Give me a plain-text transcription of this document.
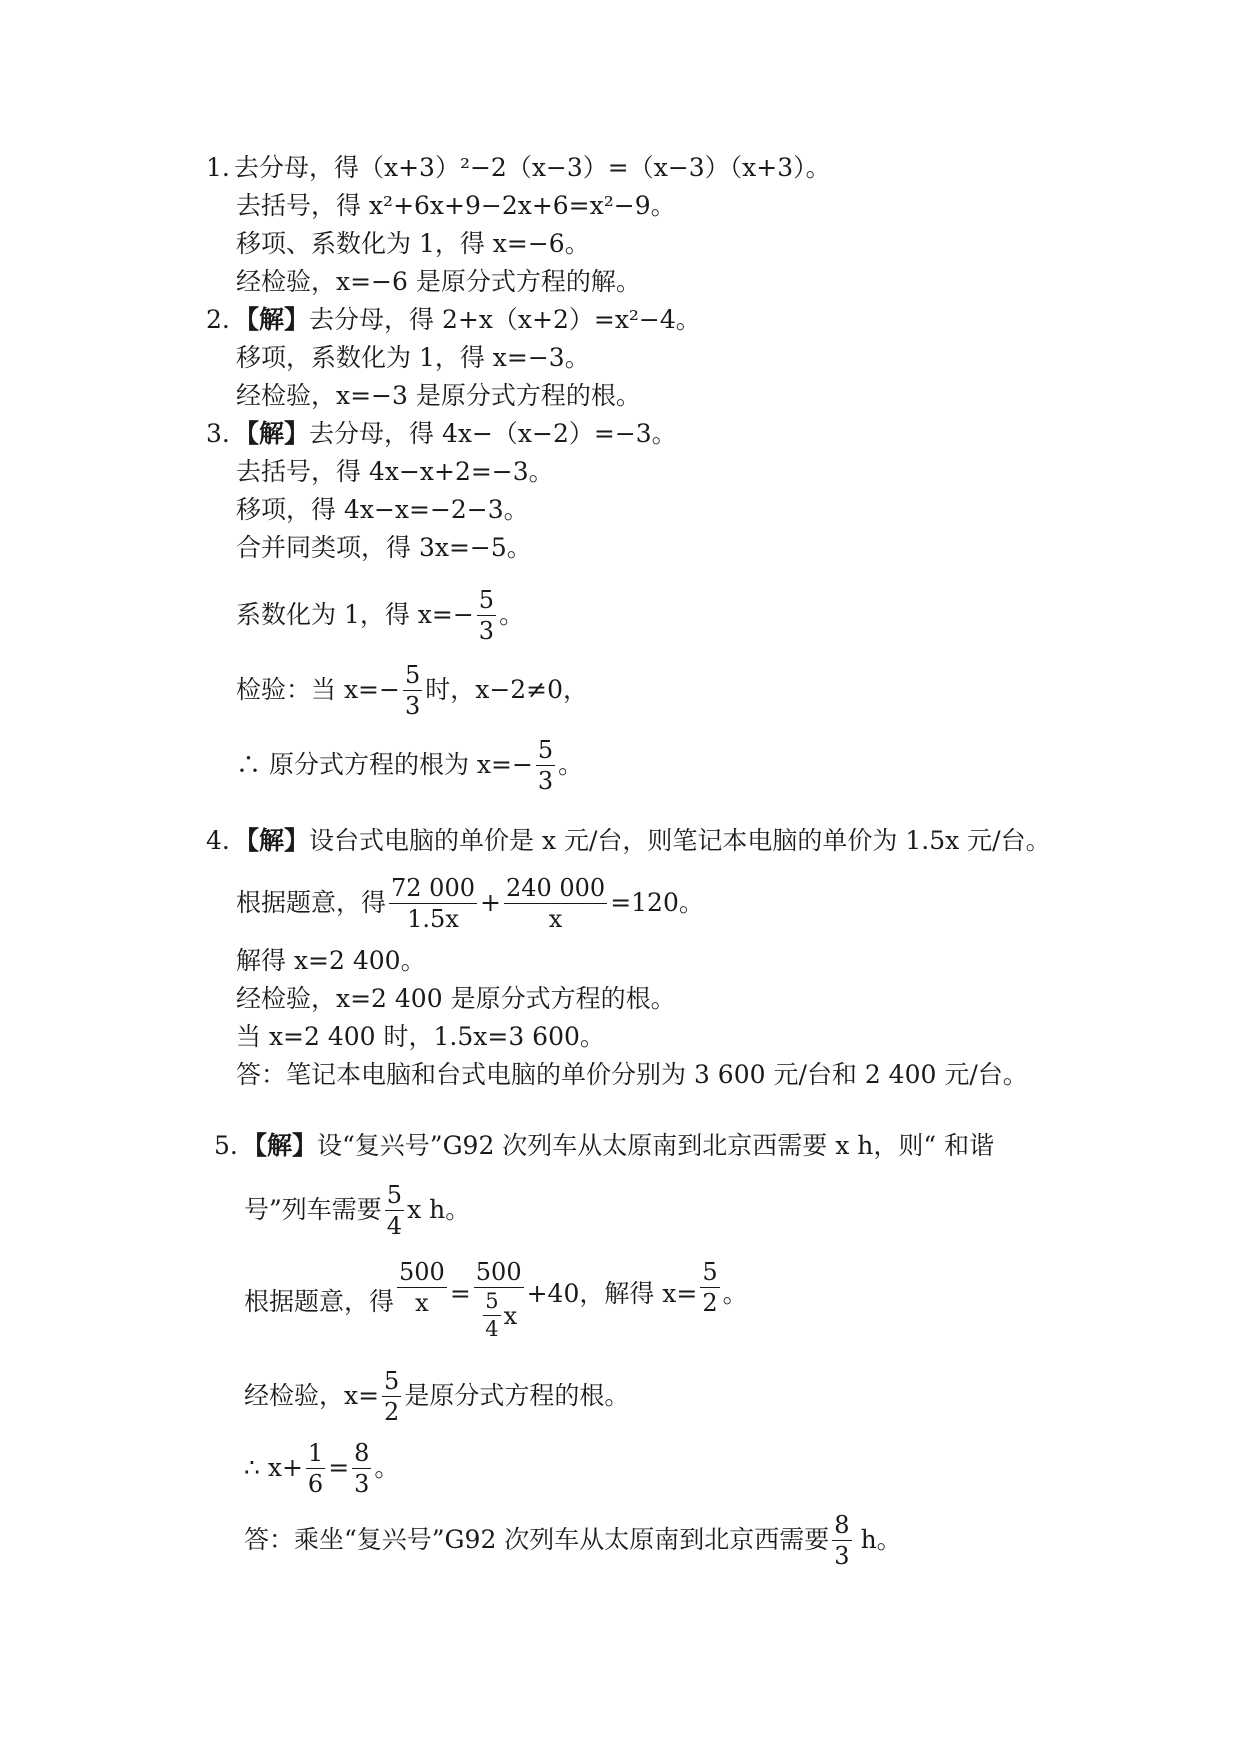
1. 去分母，得（x+3）²−2（x−3）=（x−3）（x+3）。
去括号，得 x²+6x+9−2x+6=x²−9。
移项、系数化为 1，得 x=−6。
经检验，x=−6 是原分式方程的解。
2. 【解】 去分母，得 2+x（x+2）=x²−4。
移项，系数化为 1，得 x=−3。
经检验，x=−3 是原分式方程的根。
3. 【解】 去分母，得 4x−（x−2）=−3。
去括号，得 4x−x+2=−3。
移项，得 4x−x=−2−3。
合并同类项，得 3x=−5。
系数化为 1，得 $x=- \frac{5}{3}$ 。
检验：当 $x=- \frac{5}{3}$ 时，x−2≠0，
∴ 原分式方程的根为 $x=- \frac{5}{3}$ 。
4. 【解】 设台式电脑的单价是 x 元/台，则笔记本电脑的单价为 1.5x 元/台。
根据题意，得 $\frac{72 000}{1.5x} + \frac{240 000}{x} =120$。
解得 x=2 400。
经检验，x=2 400 是原分式方程的根。
当 x=2 400 时，1.5x=3 600。
答：笔记本电脑和台式电脑的单价分别为 3 600 元/台和 2 400 元/台。
5. 【解】 设“复兴号”G92 次列车从太原南到北京西需要 x h，则“ 和谐
号”列车需要 $\frac{5}{4}$ x h。
根据题意，得 $\frac{500}{x} = \frac{500}{\frac{5}{4} x} +40$，解得 $x= \frac{5}{2}$ 。
经检验，$x= \frac{5}{2}$ 是原分式方程的根。
∴ $x+ \frac{1}{6} = \frac{8}{3}$ 。
答：乘坐“复兴号”G92 次列车从太原南到北京西需要 $\frac{8}{3}$ h。
